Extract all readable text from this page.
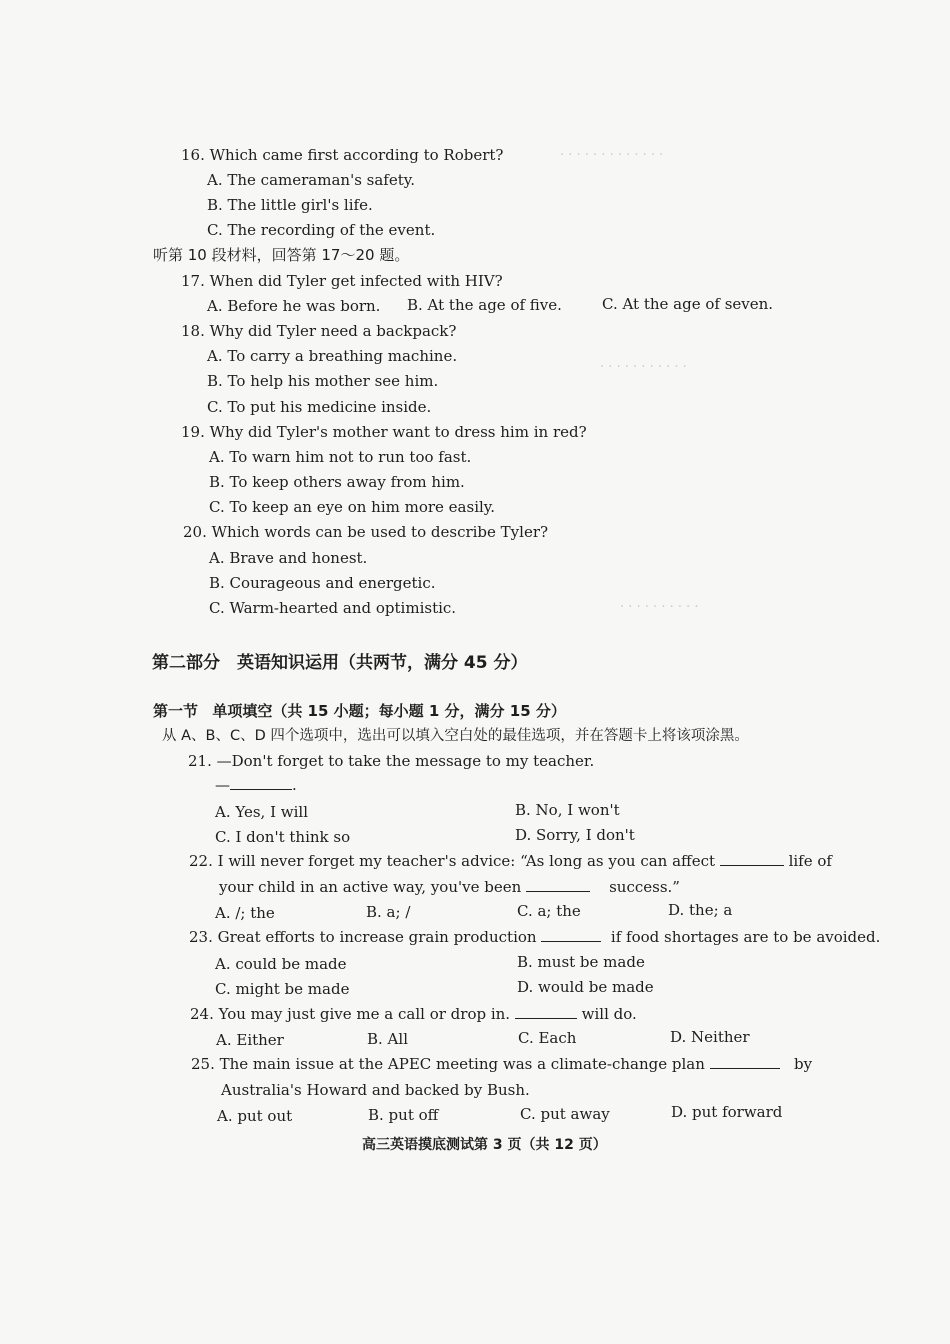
· · · · · · · · · · · · ·
· · · · · · · · · · ·
· · · · · · · · · ·
16. Which came first according to Robert?
A. The cameraman's safety.
B. The little girl's life.
C. The recording of the event.
听第 10 段材料，回答第 17～20 题。
17. When did Tyler get infected with HIV?
A. Before he was born. B. At the age of five.	C. At the age of seven.
18. Why did Tyler need a backpack?
A. To carry a breathing machine.
B. To help his mother see him.
C. To put his medicine inside.
19. Why did Tyler's mother want to dress him in red?
A. To warn him not to run too fast.
B. To keep others away from him.
C. To keep an eye on him more easily.
20. Which words can be used to describe Tyler?
A. Brave and honest.
B. Courageous and energetic.
C. Warm-hearted and optimistic.
第二部分　英语知识运用（共两节，满分 45 分）
第一节 单项填空（共 15 小题；每小题 1 分，满分 15 分）
从 A、B、C、D 四个选项中，选出可以填入空白处的最佳选项，并在答题卡上将该项涂黑。
21. —Don't forget to take the message to my teacher.
—	.
A. Yes, I will	B. No, I won't
C. I don't think so	D. Sorry, I don't
22. I will never forget my teacher's advice: “As long as you can affect	life of
your child in an active way, you've been	success.”
A. /; the	B. a; /	C. a; the	D. the; a
23. Great efforts to increase grain production	if food shortages are to be avoided.
A. could be made	B. must be made
C. might be made	D. would be made
24. You may just give me a call or drop in.	will do.
A. Either	B. All	C. Each	D. Neither
25. The main issue at the APEC meeting was a climate-change plan	by
Australia's Howard and backed by Bush.
A. put out	B. put off	C. put away	D. put forward
高三英语摸底测试第 3 页（共 12 页）
